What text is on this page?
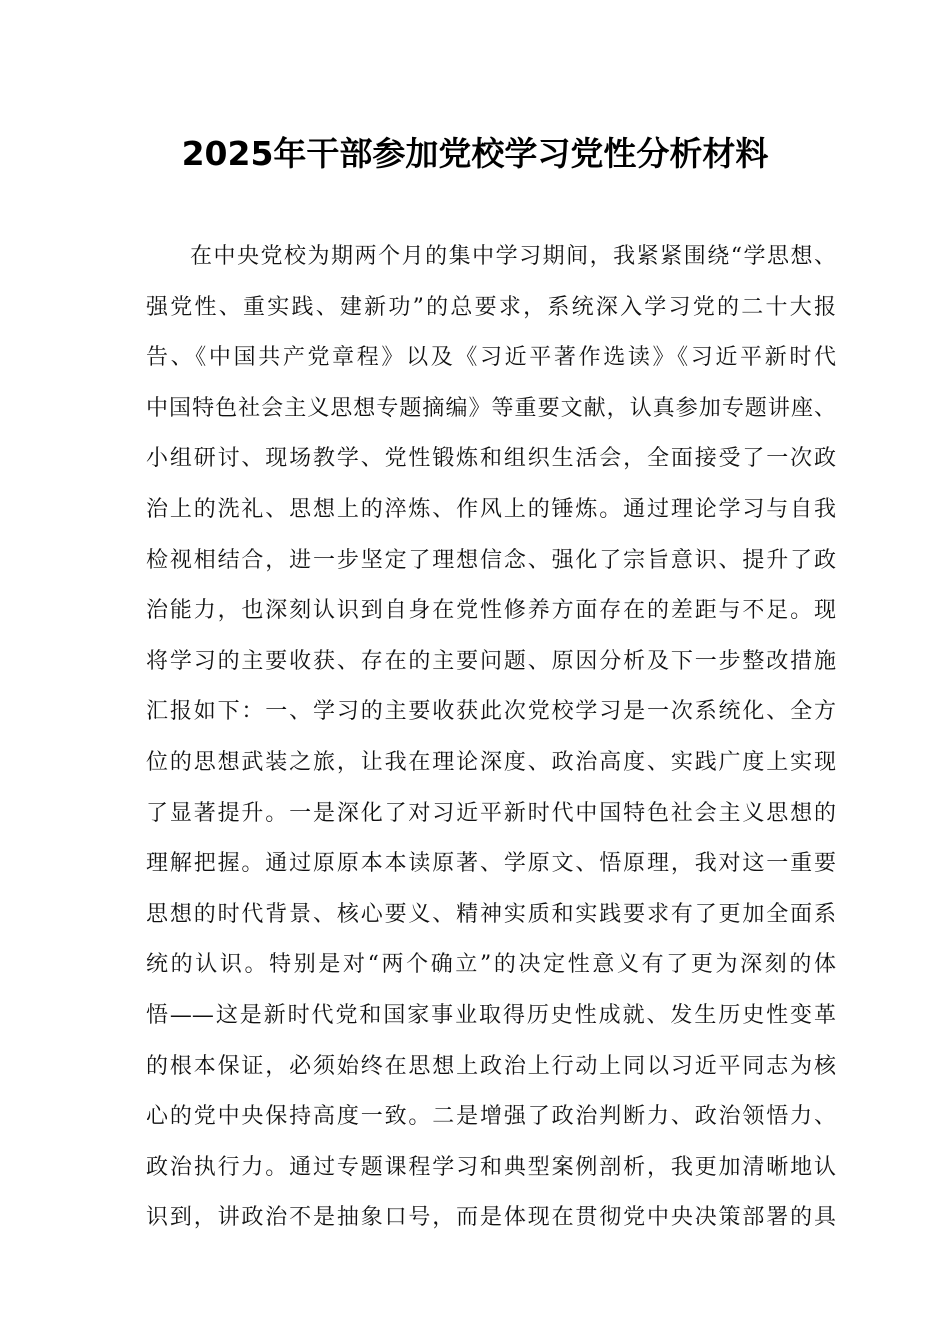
2025年干部参加党校学习党性分析材料
在中央党校为期两个月的集中学习期间，我紧紧围绕“学思想、
强党性、重实践、建新功”的总要求，系统深入学习党的二十大报
告、《中国共产党章程》以及《习近平著作选读》《习近平新时代
中国特色社会主义思想专题摘编》等重要文献，认真参加专题讲座、
小组研讨、现场教学、党性锻炼和组织生活会，全面接受了一次政
治上的洗礼、思想上的淬炼、作风上的锤炼。通过理论学习与自我
检视相结合，进一步坚定了理想信念、强化了宗旨意识、提升了政
治能力，也深刻认识到自身在党性修养方面存在的差距与不足。现
将学习的主要收获、存在的主要问题、原因分析及下一步整改措施
汇报如下：一、学习的主要收获此次党校学习是一次系统化、全方
位的思想武装之旅，让我在理论深度、政治高度、实践广度上实现
了显著提升。一是深化了对习近平新时代中国特色社会主义思想的
理解把握。通过原原本本读原著、学原文、悟原理，我对这一重要
思想的时代背景、核心要义、精神实质和实践要求有了更加全面系
统的认识。特别是对“两个确立”的决定性意义有了更为深刻的体
悟——这是新时代党和国家事业取得历史性成就、发生历史性变革
的根本保证，必须始终在思想上政治上行动上同以习近平同志为核
心的党中央保持高度一致。二是增强了政治判断力、政治领悟力、
政治执行力。通过专题课程学习和典型案例剖析，我更加清晰地认
识到，讲政治不是抽象口号，而是体现在贯彻党中央决策部署的具
